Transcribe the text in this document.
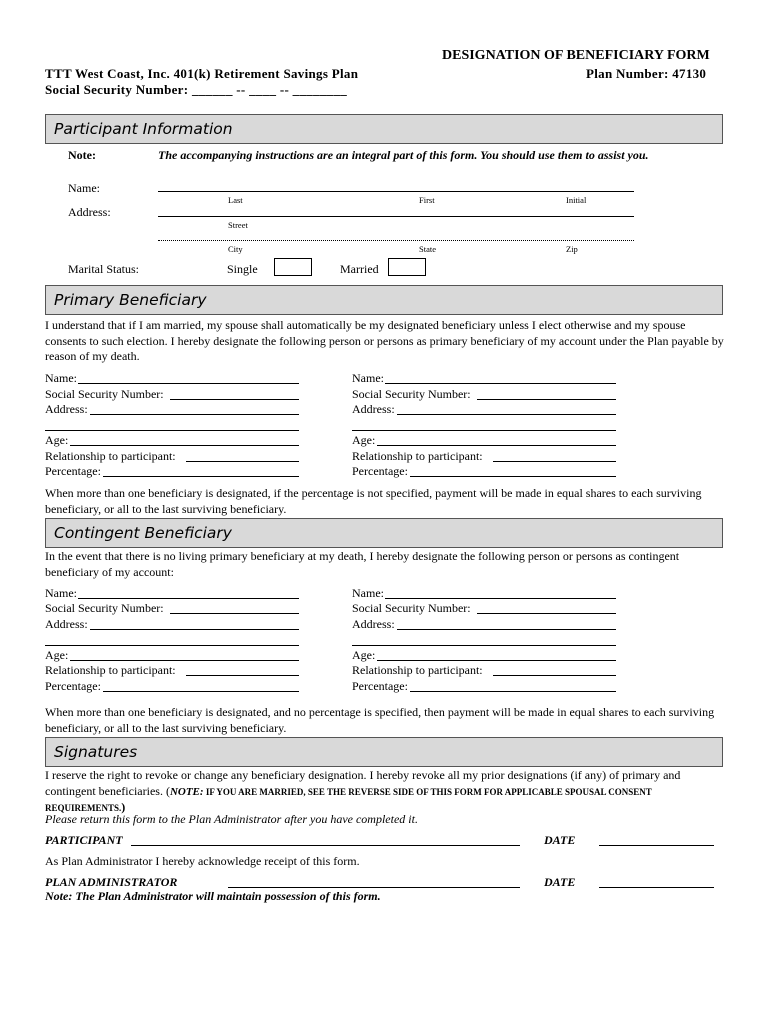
DESIGNATION OF BENEFICIARY FORM
TTT West Coast, Inc. 401(k) Retirement Savings Plan	Plan Number: 47130
Social Security Number: ______ -- ____ -- ________
Participant Information
Note:	The accompanying instructions are an integral part of this form. You should use them to assist you.
Name:
Last	First	Initial
Address:
Street
City	State	Zip
Marital Status:	Single	Married
Primary Beneficiary
I understand that if I am married, my spouse shall automatically be my designated beneficiary unless I elect otherwise and my spouse consents to such election. I hereby designate the following person or persons as primary beneficiary of my account under the Plan payable by reason of my death.
Name:
Social Security Number:
Address:
Age:
Relationship to participant:
Percentage:
Name:
Social Security Number:
Address:
Age:
Relationship to participant:
Percentage:
When more than one beneficiary is designated, if the percentage is not specified, payment will be made in equal shares to each surviving beneficiary, or all to the last surviving beneficiary.
Contingent Beneficiary
In the event that there is no living primary beneficiary at my death, I hereby designate the following person or persons as contingent beneficiary of my account:
Name:
Social Security Number:
Address:
Age:
Relationship to participant:
Percentage:
Name:
Social Security Number:
Address:
Age:
Relationship to participant:
Percentage:
When more than one beneficiary is designated, and no percentage is specified, then payment will be made in equal shares to each surviving beneficiary, or all to the last surviving beneficiary.
Signatures
I reserve the right to revoke or change any beneficiary designation. I hereby revoke all my prior designations (if any) of primary and contingent beneficiaries. (NOTE: IF YOU ARE MARRIED, SEE THE REVERSE SIDE OF THIS FORM FOR APPLICABLE SPOUSAL CONSENT REQUIREMENTS.)
Please return this form to the Plan Administrator after you have completed it.
PARTICIPANT	DATE
As Plan Administrator I hereby acknowledge receipt of this form.
PLAN ADMINISTRATOR	DATE
Note: The Plan Administrator will maintain possession of this form.
